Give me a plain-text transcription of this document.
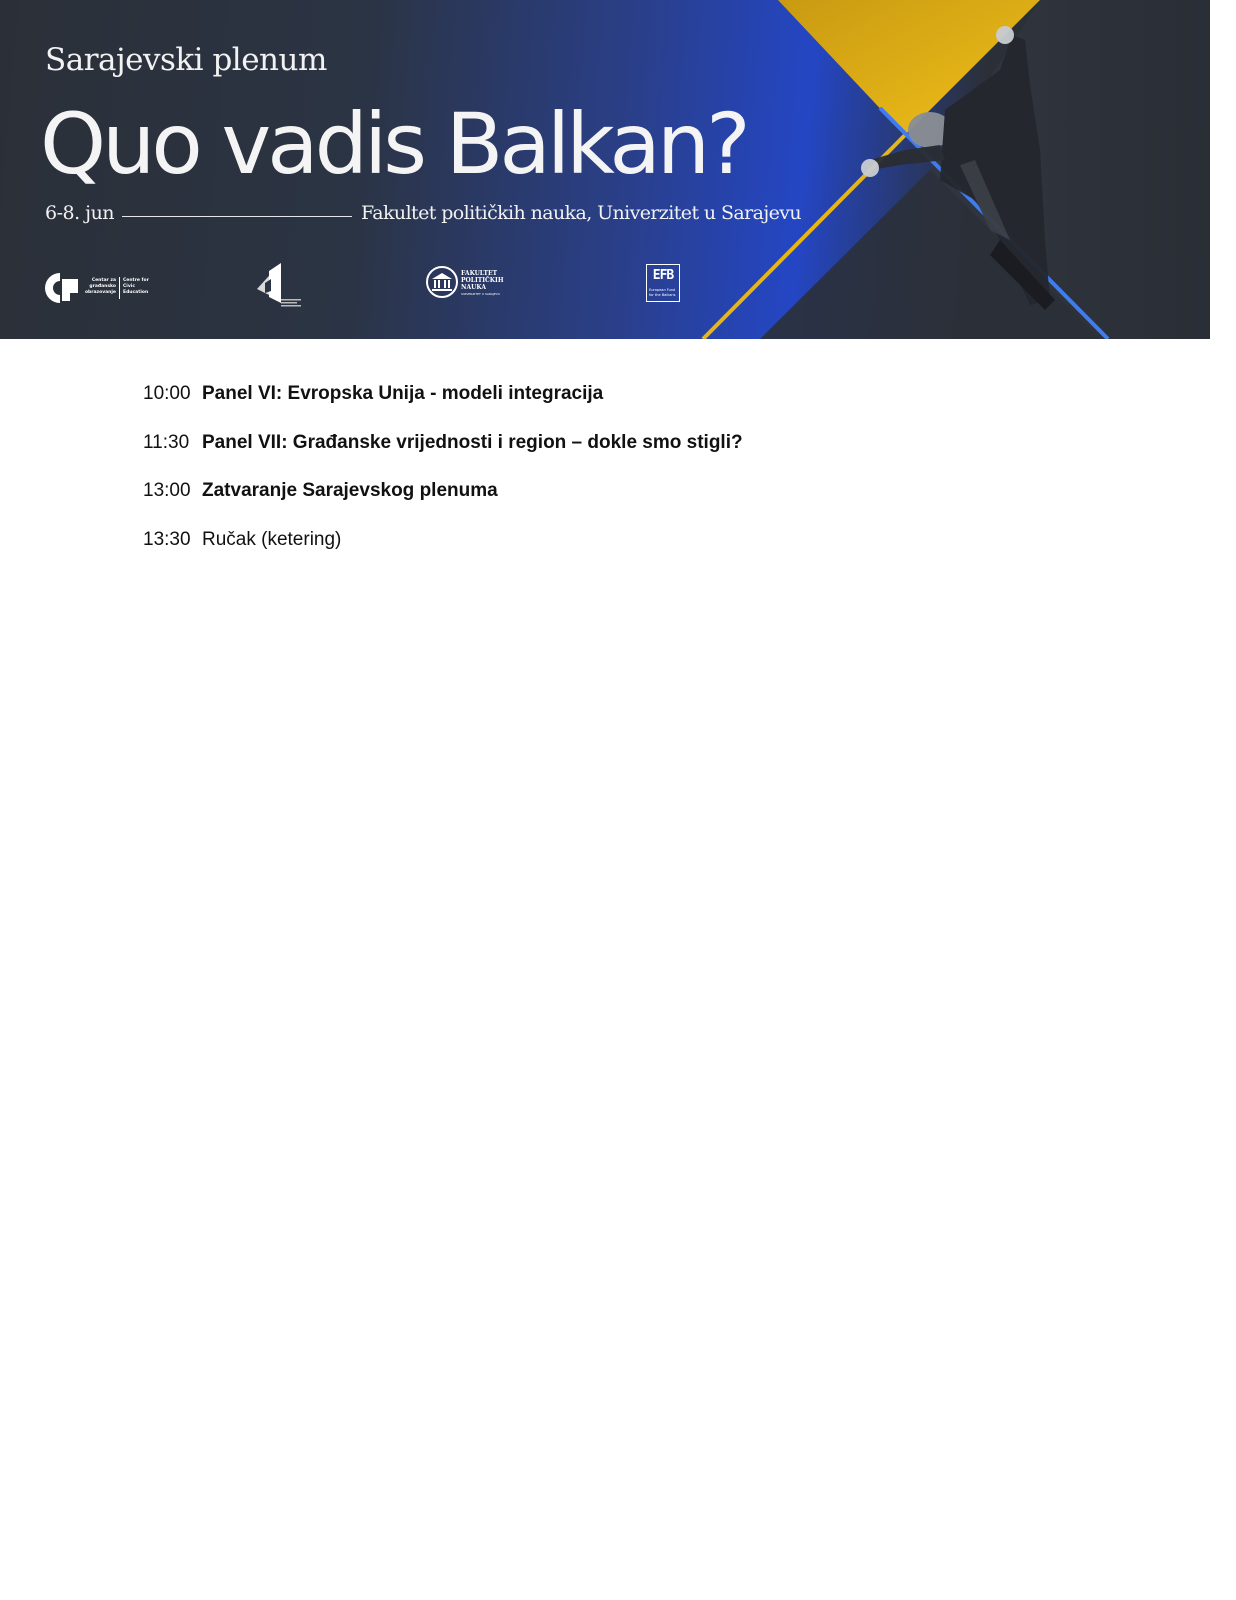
Sarajevski plenum
Quo vadis Balkan?
6-8. jun	Fakultet političkih nauka, Univerzitet u Sarajevu
Centar za građansko obrazovanje
Centre for Civic Education
FAKULTET POLITIČKIH NAUKA
UNIVERZITET U SARAJEVU
EFB
European Fund for the Balkans
10:00 Panel VI: Evropska Unija - modeli integracija
11:30 Panel VII: Građanske vrijednosti i region – dokle smo stigli?
13:00 Zatvaranje Sarajevskog plenuma
13:30 Ručak (ketering)
